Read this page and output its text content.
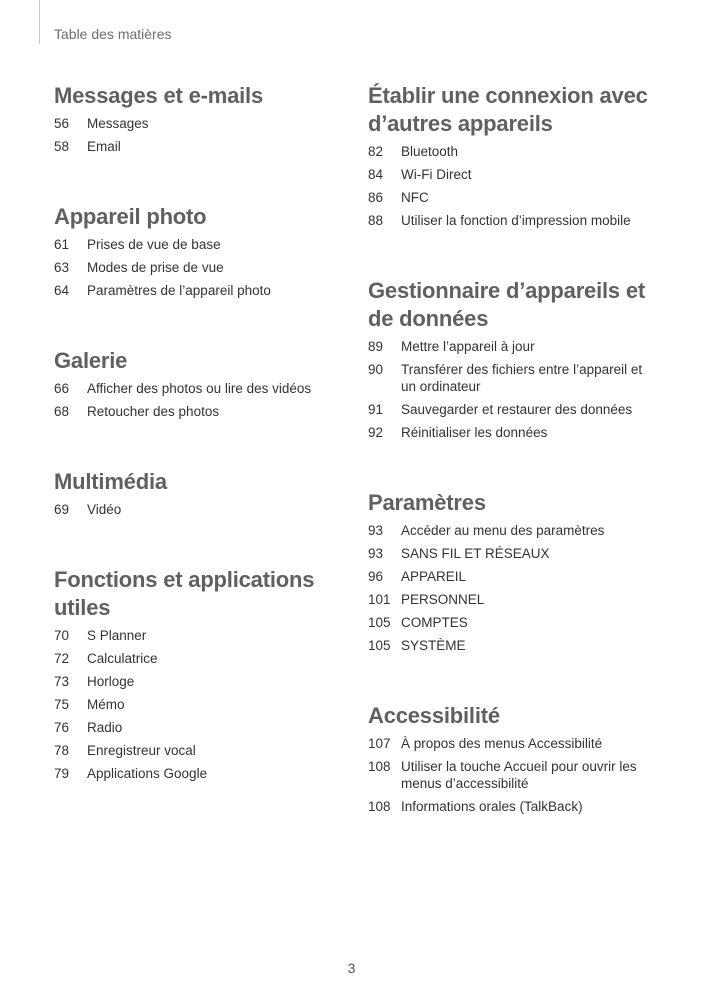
Table des matières
Messages et e-mails
56	Messages
58	Email
Appareil photo
61	Prises de vue de base
63	Modes de prise de vue
64	Paramètres de l’appareil photo
Galerie
66	Afficher des photos ou lire des vidéos
68	Retoucher des photos
Multimédia
69	Vidéo
Fonctions et applications utiles
70	S Planner
72	Calculatrice
73	Horloge
75	Mémo
76	Radio
78	Enregistreur vocal
79	Applications Google
Établir une connexion avec d’autres appareils
82	Bluetooth
84	Wi-Fi Direct
86	NFC
88	Utiliser la fonction d’impression mobile
Gestionnaire d’appareils et de données
89	Mettre l’appareil à jour
90	Transférer des fichiers entre l’appareil et un ordinateur
91	Sauvegarder et restaurer des données
92	Réinitialiser les données
Paramètres
93	Accéder au menu des paramètres
93	SANS FIL ET RÉSEAUX
96	APPAREIL
101 PERSONNEL
105 COMPTES
105 SYSTÈME
Accessibilité
107 À propos des menus Accessibilité
108 Utiliser la touche Accueil pour ouvrir les menus d’accessibilité
108 Informations orales (TalkBack)
3
